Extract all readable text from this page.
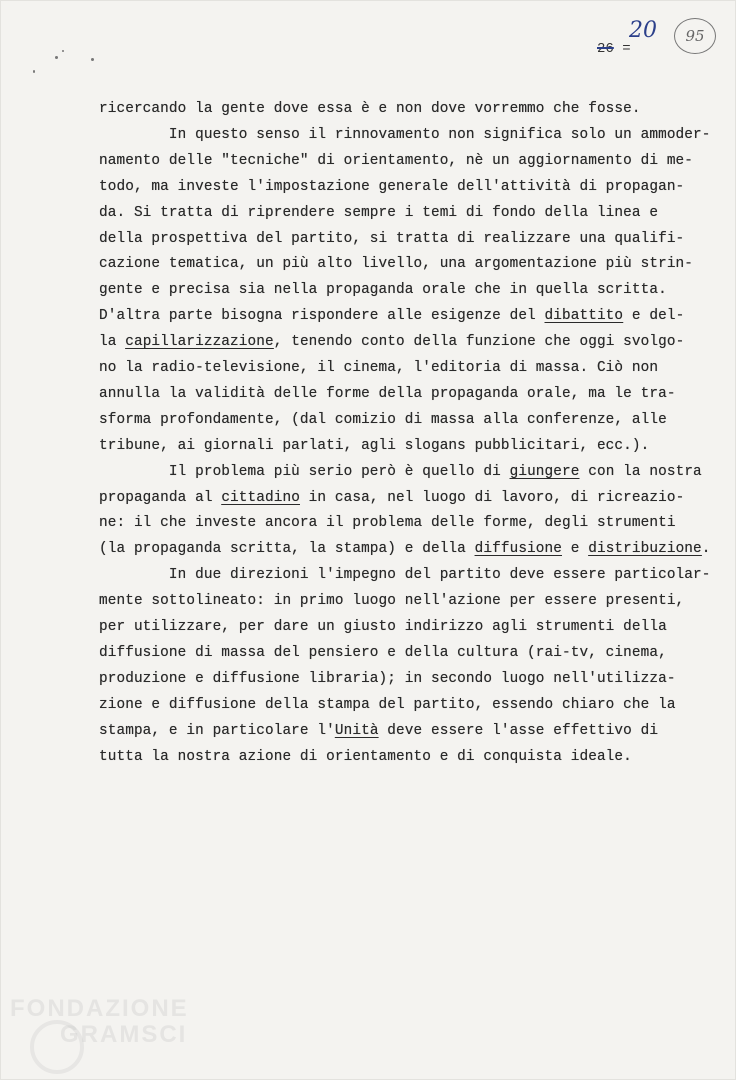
20
26 =
95
ricercando la gente dove essa è e non dove vorremmo che fosse.
In questo senso il rinnovamento non significa solo un ammoder-
namento delle "tecniche" di orientamento, nè un aggiornamento di me-
todo, ma investe l'impostazione generale dell'attività di propagan-
da. Si tratta di riprendere sempre i temi di fondo della linea e
della prospettiva del partito, si tratta di realizzare una qualifi-
cazione tematica, un più alto livello, una argomentazione più strin-
gente e precisa sia nella propaganda orale che in quella scritta.
D'altra parte bisogna rispondere alle esigenze del dibattito e del-
la capillarizzazione, tenendo conto della funzione che oggi svolgo-
no la radio-televisione, il cinema, l'editoria di massa. Ciò non
annulla la validità delle forme della propaganda orale, ma le tra-
sforma profondamente, (dal comizio di massa alla conferenze, alle
tribune, ai giornali parlati, agli slogans pubblicitari, ecc.).
Il problema più serio però è quello di giungere con la nostra
propaganda al cittadino in casa, nel luogo di lavoro, di ricreazio-
ne: il che investe ancora il problema delle forme, degli strumenti
(la propaganda scritta, la stampa) e della diffusione e distribuzione.
In due direzioni l'impegno del partito deve essere particolar-
mente sottolineato: in primo luogo nell'azione per essere presenti,
per utilizzare, per dare un giusto indirizzo agli strumenti della
diffusione di massa del pensiero e della cultura (rai-tv, cinema,
produzione e diffusione libraria); in secondo luogo nell'utilizza-
zione e diffusione della stampa del partito, essendo chiaro che la
stampa, e in particolare l'Unità deve essere l'asse effettivo di
tutta la nostra azione di orientamento e di conquista ideale.
FONDAZIONE
GRAMSCI
